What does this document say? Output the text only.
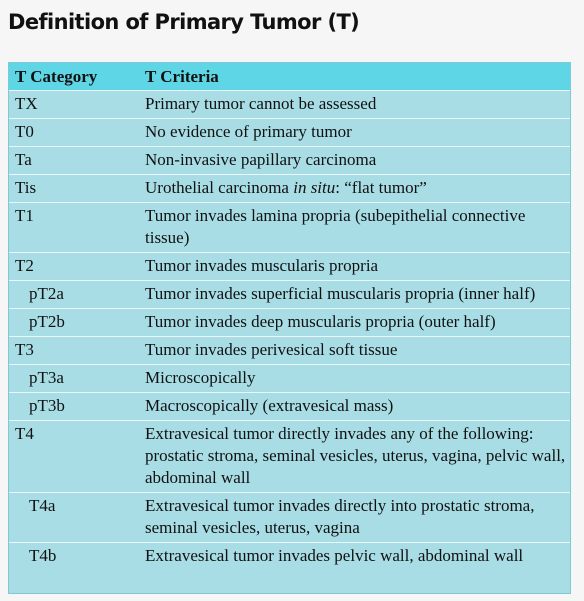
Definition of Primary Tumor (T)
T Category	T Criteria
TX	Primary tumor cannot be assessed
T0	No evidence of primary tumor
Ta	Non-invasive papillary carcinoma
Tis	Urothelial carcinoma in situ: “flat tumor”
T1	Tumor invades lamina propria (subepithelial connective tissue)
T2	Tumor invades muscularis propria
pT2a	Tumor invades superficial muscularis propria (inner half)
pT2b	Tumor invades deep muscularis propria (outer half)
T3	Tumor invades perivesical soft tissue
pT3a	Microscopically
pT3b	Macroscopically (extravesical mass)
T4	Extravesical tumor directly invades any of the following: prostatic stroma, seminal vesicles, uterus, vagina, pelvic wall, abdominal wall
T4a	Extravesical tumor invades directly into prostatic stroma, seminal vesicles, uterus, vagina
T4b	Extravesical tumor invades pelvic wall, abdominal wall
